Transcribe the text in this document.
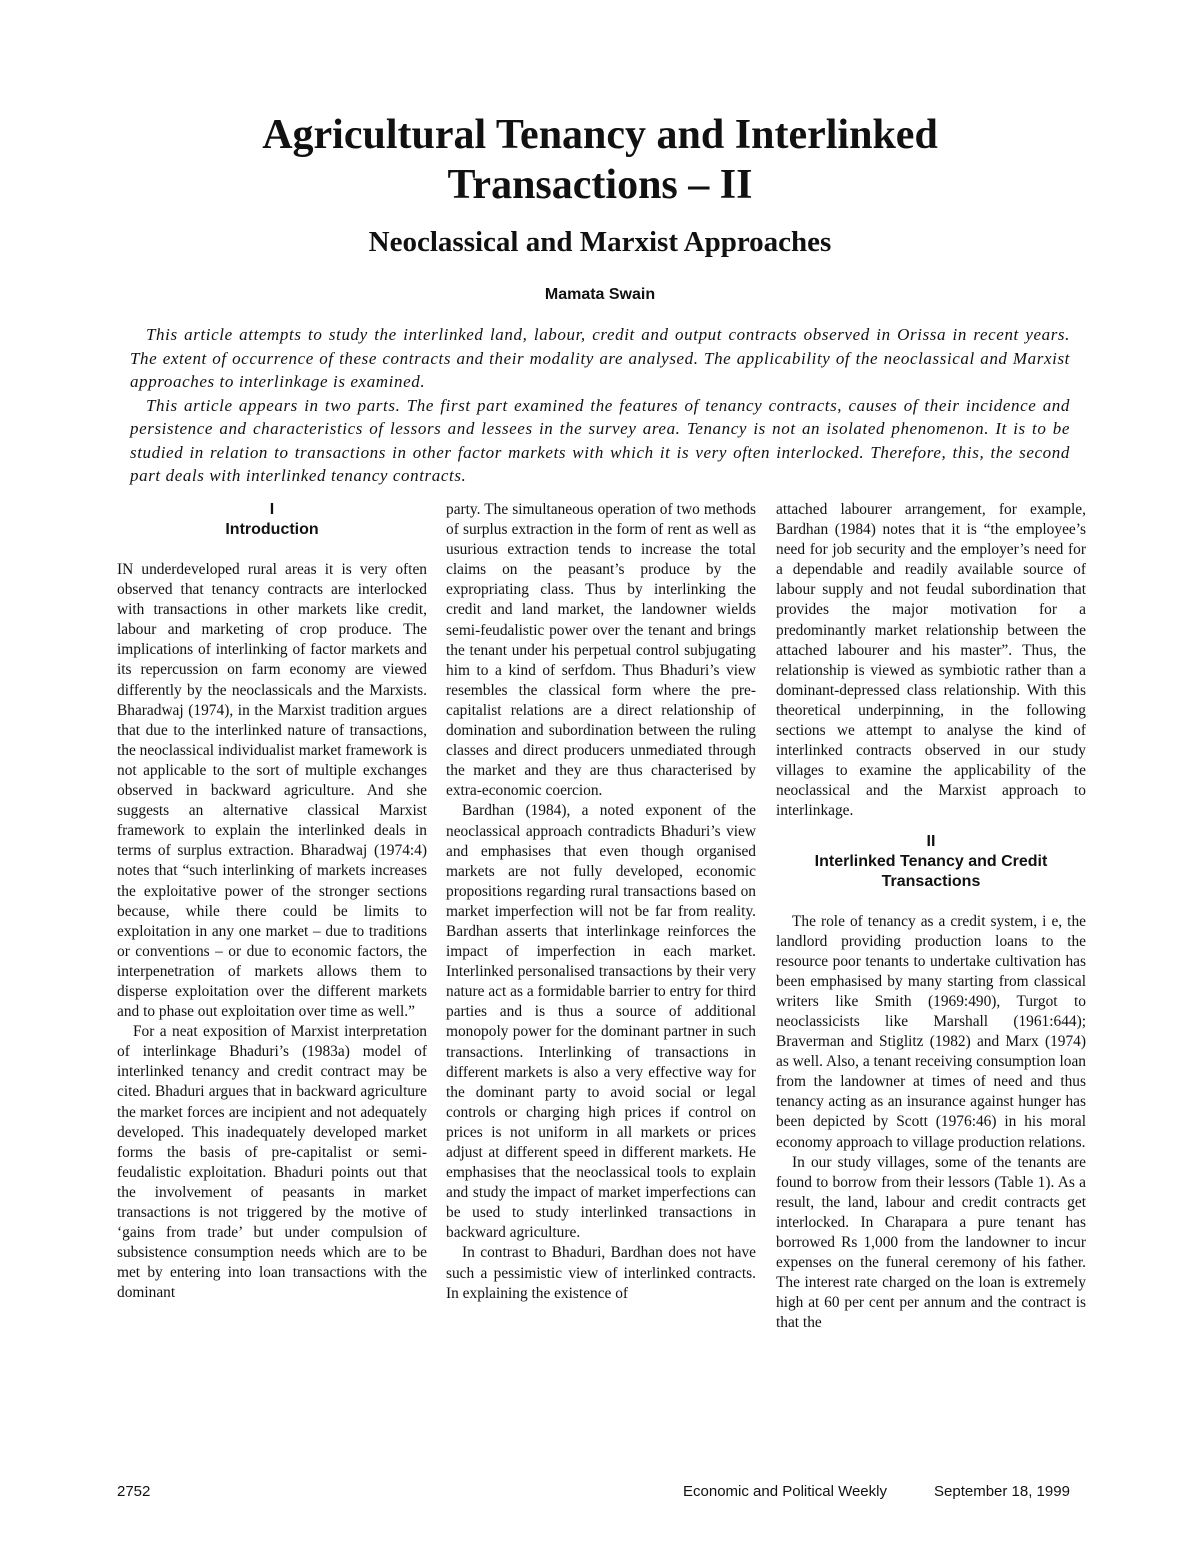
Agricultural Tenancy and Interlinked
Transactions – II
Neoclassical and Marxist Approaches
Mamata Swain

This article attempts to study the interlinked land, labour, credit and output contracts observed in Orissa in recent years. The extent of occurrence of these contracts and their modality are analysed. The applicability of the neoclassical and Marxist approaches to interlinkage is examined.

This article appears in two parts. The first part examined the features of tenancy contracts, causes of their incidence and persistence and characteristics of lessors and lessees in the survey area. Tenancy is not an isolated phenomenon. It is to be studied in relation to transactions in other factor markets with which it is very often interlocked. Therefore, this, the second part deals with interlinked tenancy contracts.

I
Introduction

IN underdeveloped rural areas it is very often observed that tenancy contracts are interlocked with transactions in other markets like credit, labour and marketing of crop produce. The implications of interlinking of factor markets and its repercussion on farm economy are viewed differently by the neoclassicals and the Marxists. Bharadwaj (1974), in the Marxist tradition argues that due to the interlinked nature of transactions, the neoclassical individualist market framework is not applicable to the sort of multiple exchanges observed in backward agriculture. And she suggests an alternative classical Marxist framework to explain the interlinked deals in terms of surplus extraction. Bharadwaj (1974:4) notes that “such interlinking of markets increases the exploitative power of the stronger sections because, while there could be limits to exploitation in any one market – due to traditions or conventions – or due to economic factors, the interpenetration of markets allows them to disperse exploitation over the different markets and to phase out exploitation over time as well.”

For a neat exposition of Marxist interpretation of interlinkage Bhaduri’s (1983a) model of interlinked tenancy and credit contract may be cited. Bhaduri argues that in backward agriculture the market forces are incipient and not adequately developed. This inadequately developed market forms the basis of pre-capitalist or semi-feudalistic exploitation. Bhaduri points out that the involvement of peasants in market transactions is not triggered by the motive of ‘gains from trade’ but under compulsion of subsistence consumption needs which are to be met by entering into loan transactions with the dominant

party. The simultaneous operation of two methods of surplus extraction in the form of rent as well as usurious extraction tends to increase the total claims on the peasant’s produce by the expropriating class. Thus by interlinking the credit and land market, the landowner wields semi-feudalistic power over the tenant and brings the tenant under his perpetual control subjugating him to a kind of serfdom. Thus Bhaduri’s view resembles the classical form where the pre-capitalist relations are a direct relationship of domination and subordination between the ruling classes and direct producers unmediated through the market and they are thus characterised by extra-economic coercion.

Bardhan (1984), a noted exponent of the neoclassical approach contradicts Bhaduri’s view and emphasises that even though organised markets are not fully developed, economic propositions regarding rural transactions based on market imperfection will not be far from reality. Bardhan asserts that interlinkage reinforces the impact of imperfection in each market. Interlinked personalised transactions by their very nature act as a formidable barrier to entry for third parties and is thus a source of additional monopoly power for the dominant partner in such transactions. Interlinking of transactions in different markets is also a very effective way for the dominant party to avoid social or legal controls or charging high prices if control on prices is not uniform in all markets or prices adjust at different speed in different markets. He emphasises that the neoclassical tools to explain and study the impact of market imperfections can be used to study interlinked transactions in backward agriculture.

In contrast to Bhaduri, Bardhan does not have such a pessimistic view of interlinked contracts. In explaining the existence of

attached labourer arrangement, for example, Bardhan (1984) notes that it is “the employee’s need for job security and the employer’s need for a dependable and readily available source of labour supply and not feudal subordination that provides the major motivation for a predominantly market relationship between the attached labourer and his master”. Thus, the relationship is viewed as symbiotic rather than a dominant-depressed class relationship. With this theoretical underpinning, in the following sections we attempt to analyse the kind of interlinked contracts observed in our study villages to examine the applicability of the neoclassical and the Marxist approach to interlinkage.

II
Interlinked Tenancy and Credit
Transactions

The role of tenancy as a credit system, i e, the landlord providing production loans to the resource poor tenants to undertake cultivation has been emphasised by many starting from classical writers like Smith (1969:490), Turgot to neoclassicists like Marshall (1961:644); Braverman and Stiglitz (1982) and Marx (1974) as well. Also, a tenant receiving consumption loan from the landowner at times of need and thus tenancy acting as an insurance against hunger has been depicted by Scott (1976:46) in his moral economy approach to village production relations.

In our study villages, some of the tenants are found to borrow from their lessors (Table 1). As a result, the land, labour and credit contracts get interlocked. In Charapara a pure tenant has borrowed Rs 1,000 from the landowner to incur expenses on the funeral ceremony of his father. The interest rate charged on the loan is extremely high at 60 per cent per annum and the contract is that the

2752	Economic and Political Weekly	September 18, 1999
